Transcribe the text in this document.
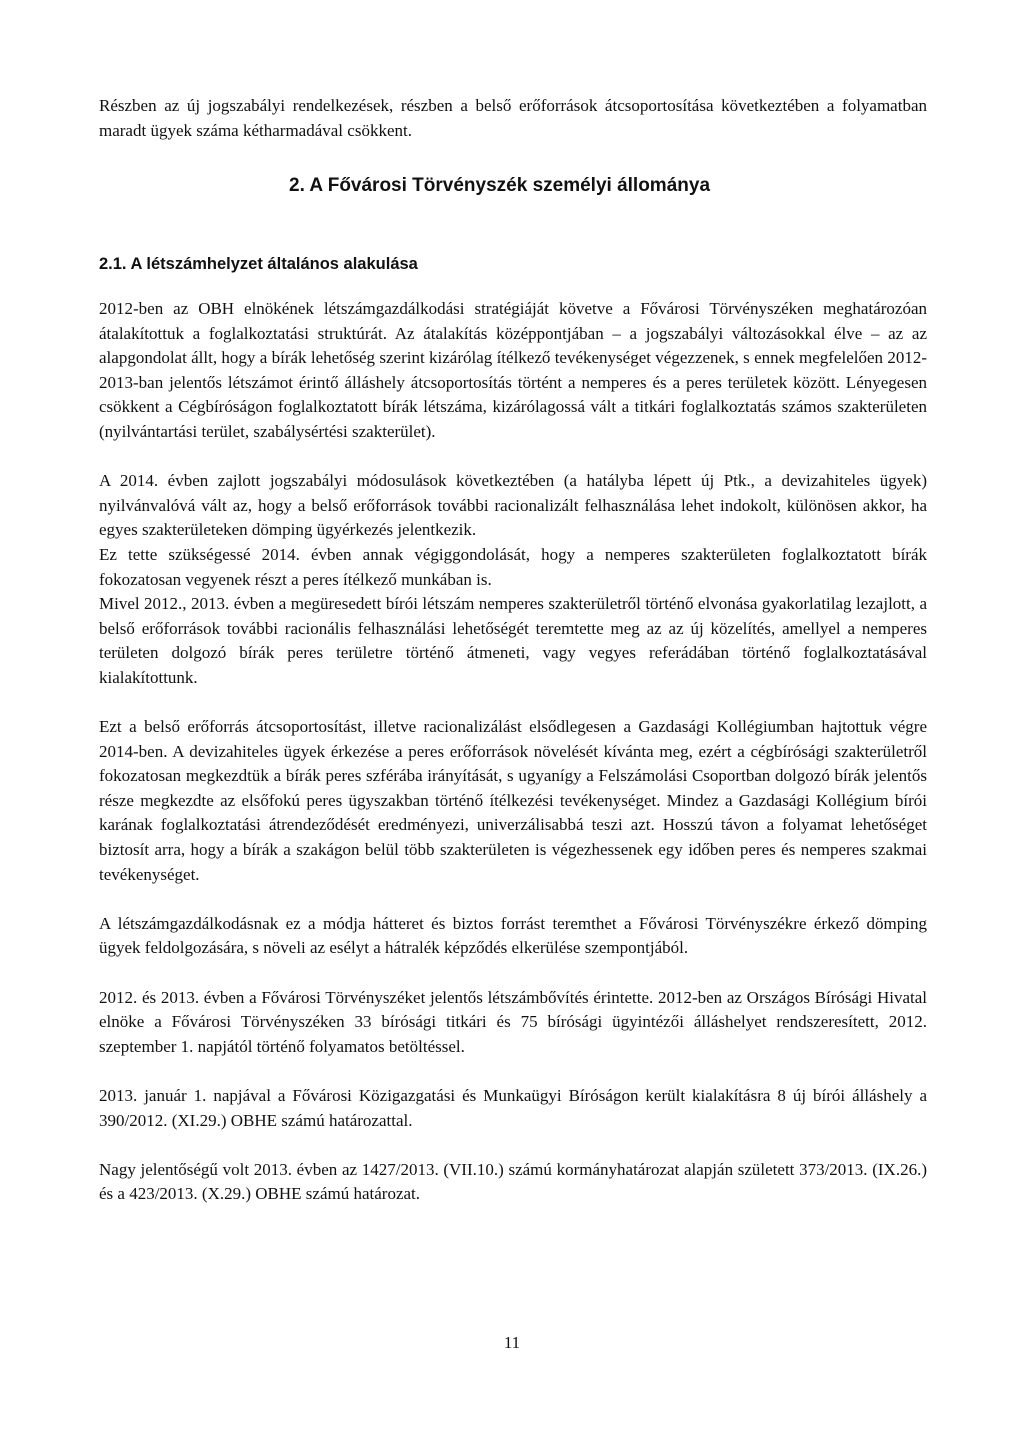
Részben az új jogszabályi rendelkezések, részben a belső erőforrások átcsoportosítása következtében a folyamatban maradt ügyek száma kétharmadával csökkent.

2. A Fővárosi Törvényszék személyi állománya
2.1. A létszámhelyzet általános alakulása

2012-ben az OBH elnökének létszámgazdálkodási stratégiáját követve a Fővárosi Törvényszéken meghatározóan átalakítottuk a foglalkoztatási struktúrát. Az átalakítás középpontjában – a jogszabályi változásokkal élve – az az alapgondolat állt, hogy a bírák lehetőség szerint kizárólag ítélkező tevékenységet végezzenek, s ennek megfelelően 2012-2013-ban jelentős létszámot érintő álláshely átcsoportosítás történt a nemperes és a peres területek között. Lényegesen csökkent a Cégbíróságon foglalkoztatott bírák létszáma, kizárólagossá vált a titkári foglalkoztatás számos szakterületen (nyilvántartási terület, szabálysértési szakterület).

A 2014. évben zajlott jogszabályi módosulások következtében (a hatályba lépett új Ptk., a devizahiteles ügyek) nyilvánvalóvá vált az, hogy a belső erőforrások további racionalizált felhasználása lehet indokolt, különösen akkor, ha egyes szakterületeken dömping ügyérkezés jelentkezik.

Ez tette szükségessé 2014. évben annak végiggondolását, hogy a nemperes szakterületen foglalkoztatott bírák fokozatosan vegyenek részt a peres ítélkező munkában is.

Mivel 2012., 2013. évben a megüresedett bírói létszám nemperes szakterületről történő elvonása gyakorlatilag lezajlott, a belső erőforrások további racionális felhasználási lehetőségét teremtette meg az az új közelítés, amellyel a nemperes területen dolgozó bírák peres területre történő átmeneti, vagy vegyes referádában történő foglalkoztatásával kialakítottunk.

Ezt a belső erőforrás átcsoportosítást, illetve racionalizálást elsődlegesen a Gazdasági Kollégiumban hajtottuk végre 2014-ben. A devizahiteles ügyek érkezése a peres erőforrások növelését kívánta meg, ezért a cégbírósági szakterületről fokozatosan megkezdtük a bírák peres szférába irányítását, s ugyanígy a Felszámolási Csoportban dolgozó bírák jelentős része megkezdte az elsőfokú peres ügyszakban történő ítélkezési tevékenységet. Mindez a Gazdasági Kollégium bírói karának foglalkoztatási átrendeződését eredményezi, univerzálisabbá teszi azt. Hosszú távon a folyamat lehetőséget biztosít arra, hogy a bírák a szakágon belül több szakterületen is végezhessenek egy időben peres és nemperes szakmai tevékenységet.

A létszámgazdálkodásnak ez a módja hátteret és biztos forrást teremthet a Fővárosi Törvényszékre érkező dömping ügyek feldolgozására, s növeli az esélyt a hátralék képződés elkerülése szempontjából.

2012. és 2013. évben a Fővárosi Törvényszéket jelentős létszámbővítés érintette. 2012-ben az Országos Bírósági Hivatal elnöke a Fővárosi Törvényszéken 33 bírósági titkári és 75 bírósági ügyintézői álláshelyet rendszeresített, 2012. szeptember 1. napjától történő folyamatos betöltéssel.

2013. január 1. napjával a Fővárosi Közigazgatási és Munkaügyi Bíróságon került kialakításra 8 új bírói álláshely a 390/2012. (XI.29.) OBHE számú határozattal.

Nagy jelentőségű volt 2013. évben az 1427/2013. (VII.10.) számú kormányhatározat alapján született 373/2013. (IX.26.) és a 423/2013. (X.29.) OBHE számú határozat.

11
